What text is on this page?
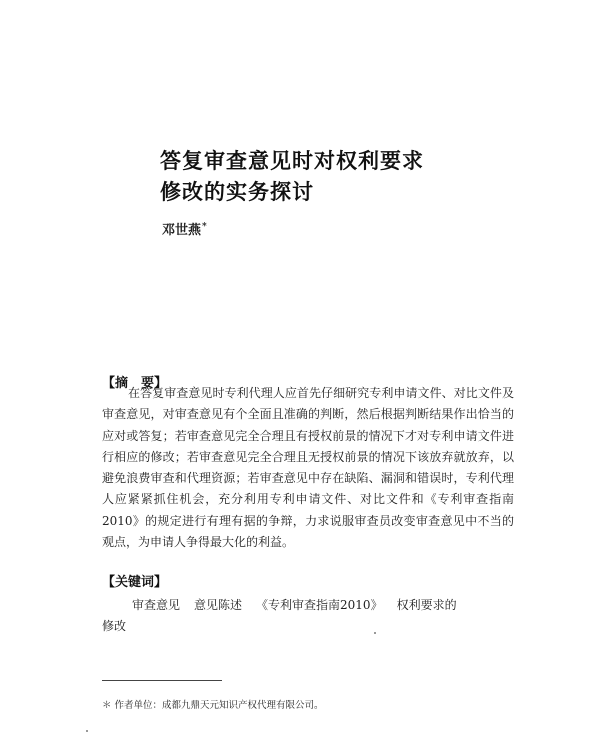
答复审查意见时对权利要求
修改的实务探讨
邓世燕*
【摘　要】

在答复审查意见时专利代理人应首先仔细研究专利申请文件、对比文件及审查意见，对审查意见有个全面且准确的判断，然后根据判断结果作出恰当的应对或答复；若审查意见完全合理且有授权前景的情况下才对专利申请文件进行相应的修改；若审查意见完全合理且无授权前景的情况下该放弃就放弃，以避免浪费审查和代理资源；若审查意见中存在缺陷、漏洞和错误时，专利代理人应紧紧抓住机会，充分利用专利申请文件、对比文件和《专利审查指南2010》的规定进行有理有据的争辩，力求说服审查员改变审查意见中不当的观点，为申请人争得最大化的利益。

【关键词】
审查意见 意见陈述 《专利审查指南2010》 权利要求的
修改
＊ 作者单位：成都九鼎天元知识产权代理有限公司。
